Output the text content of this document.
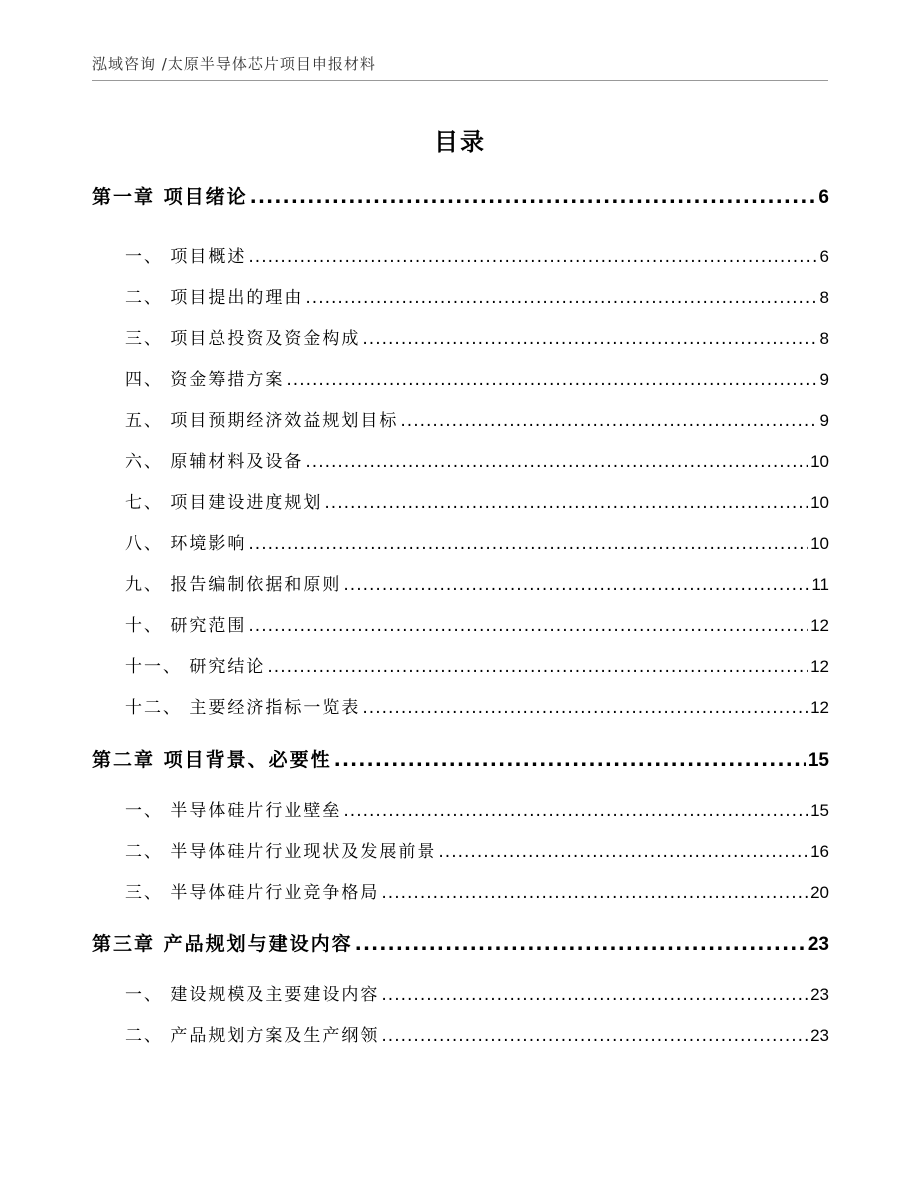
泓域咨询 /太原半导体芯片项目申报材料
目录
第一章 项目绪论 .....	6
一、 项目概述 .....	6
二、 项目提出的理由 .....	8
三、 项目总投资及资金构成 .....	8
四、 资金筹措方案 .....	9
五、 项目预期经济效益规划目标 .....	9
六、 原辅材料及设备 .....	10
七、 项目建设进度规划 .....	10
八、 环境影响 .....	10
九、 报告编制依据和原则 .....	11
十、 研究范围 .....	12
十一、 研究结论 .....	12
十二、 主要经济指标一览表 .....	12
第二章 项目背景、必要性 .....	15
一、 半导体硅片行业壁垒 .....	15
二、 半导体硅片行业现状及发展前景 .....	16
三、 半导体硅片行业竞争格局 .....	20
第三章 产品规划与建设内容 .....	23
一、 建设规模及主要建设内容 .....	23
二、 产品规划方案及生产纲领 .....	23
